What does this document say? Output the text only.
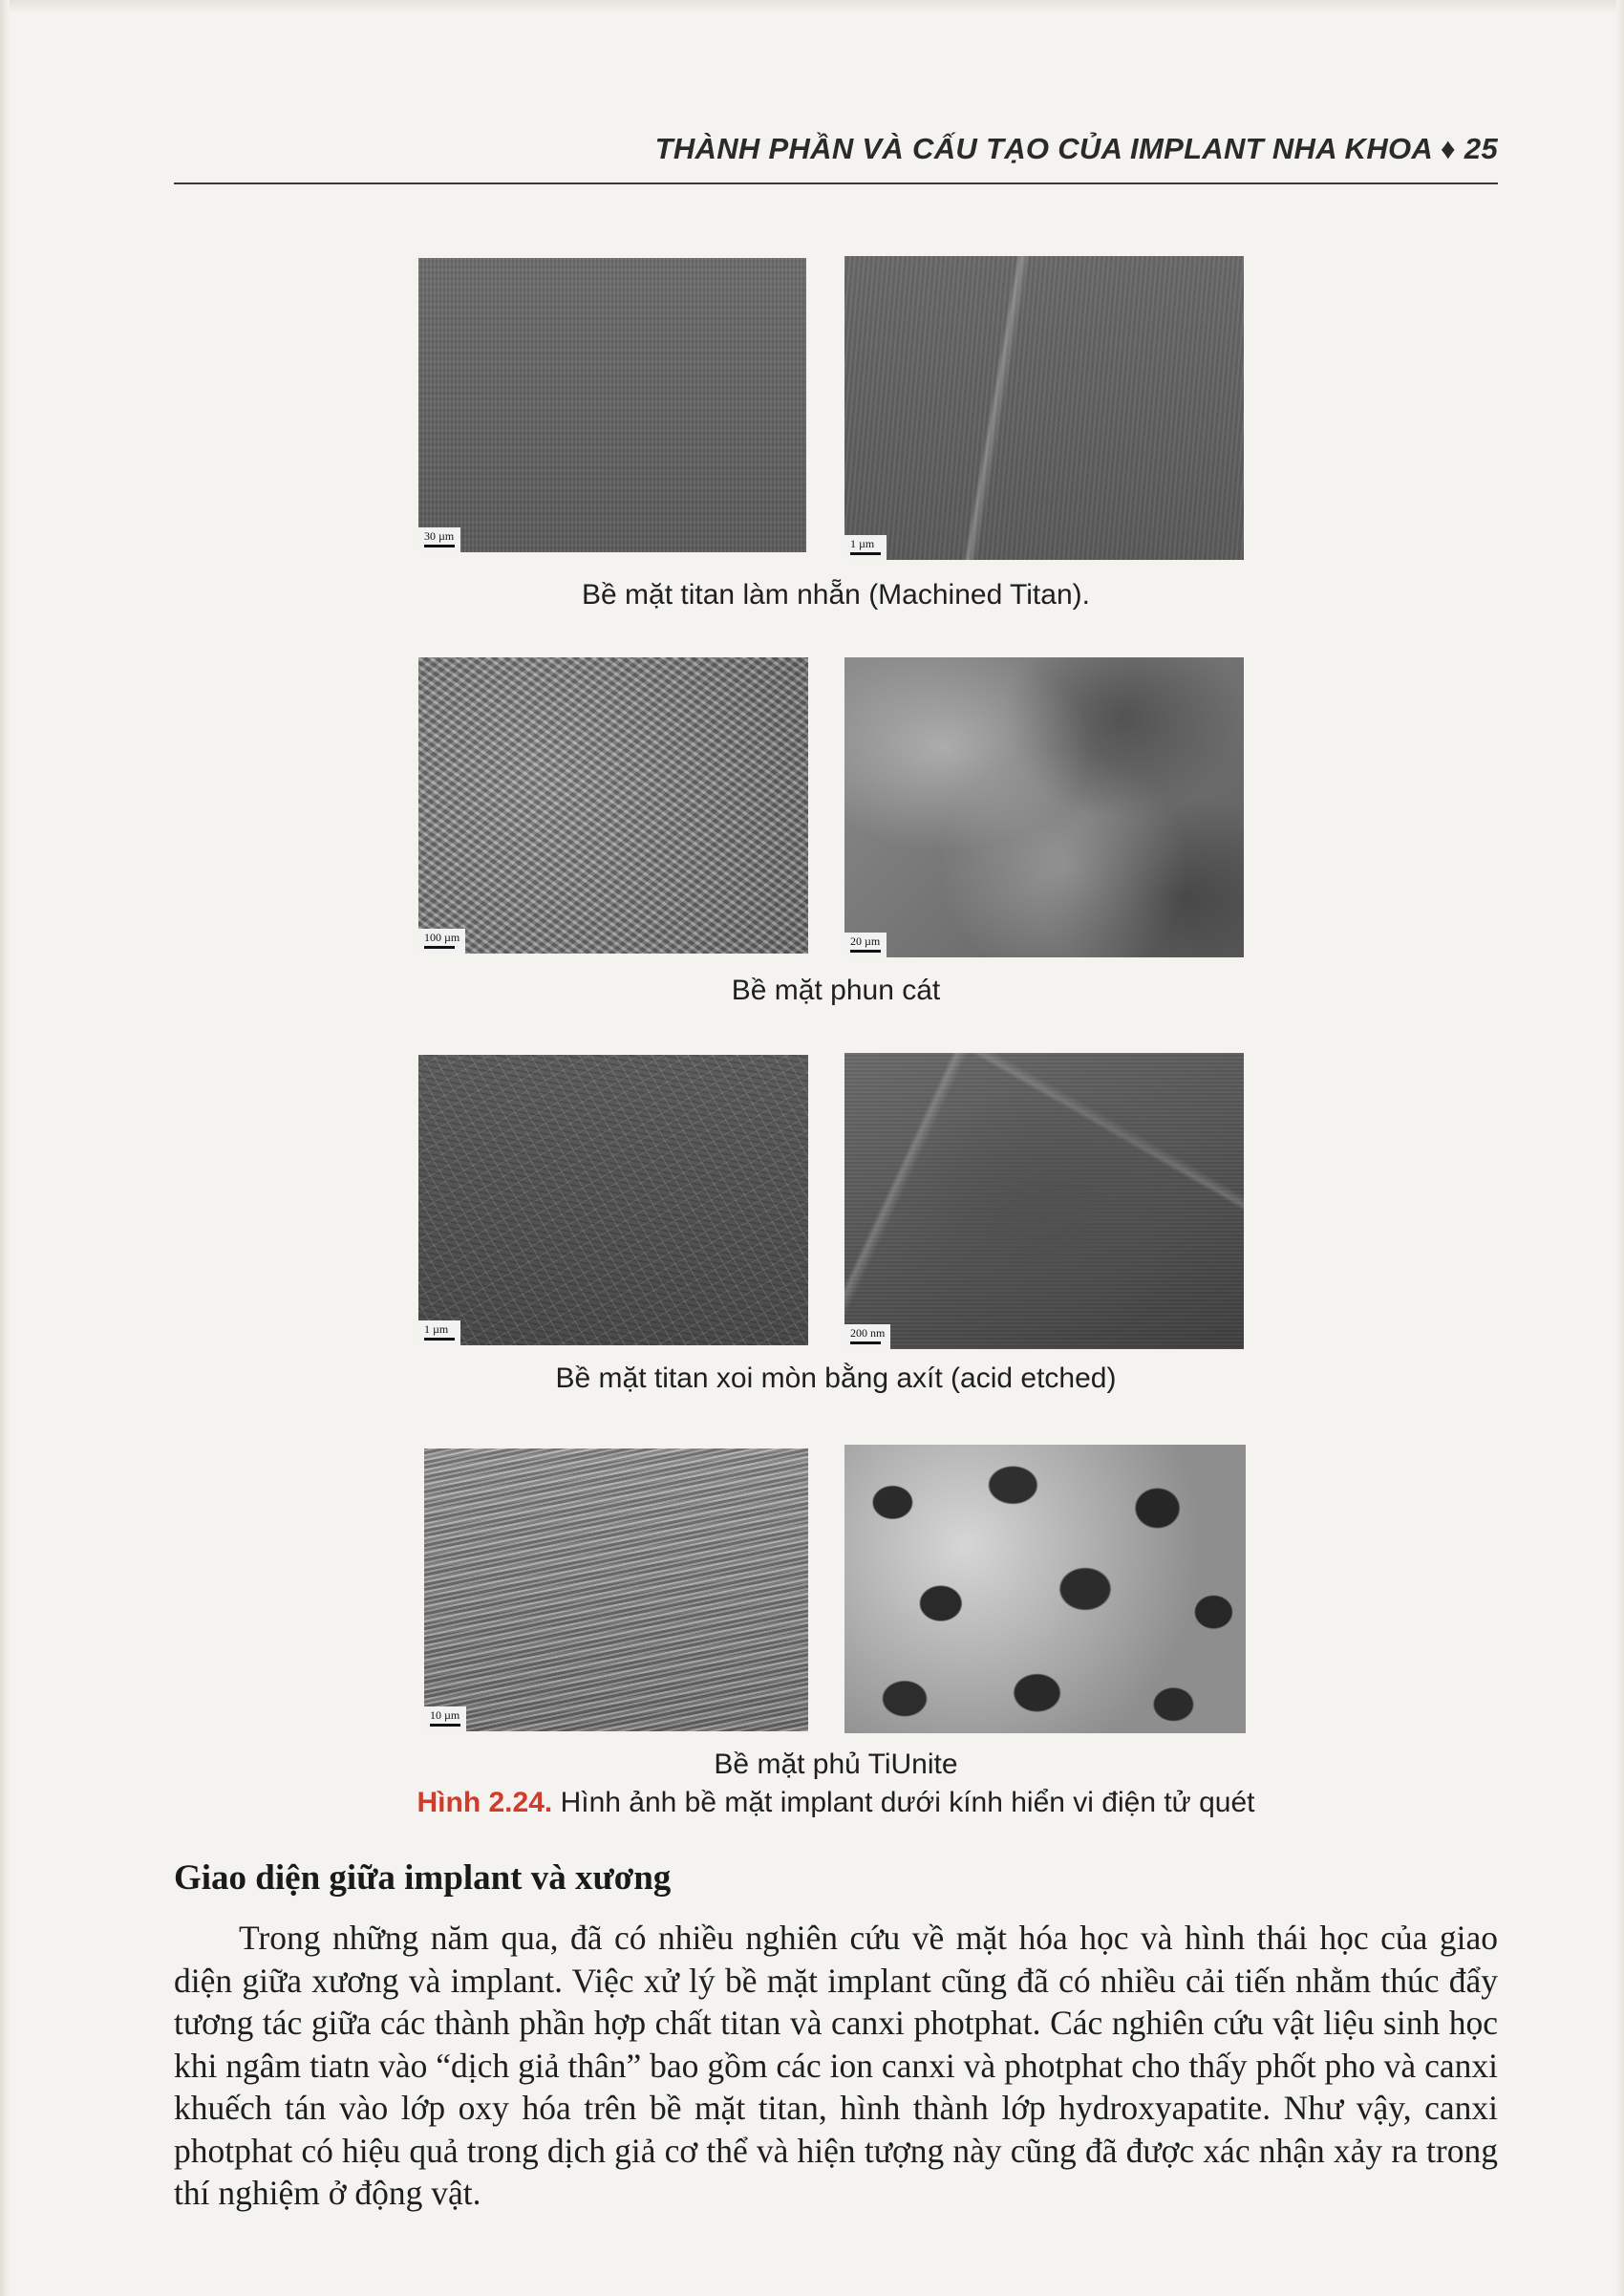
THÀNH PHẦN VÀ CẤU TẠO CỦA IMPLANT NHA KHOA ♦ 25
30 µm
1 µm
Bề mặt titan làm nhẵn (Machined Titan).
100 µm	20 µm
Bề mặt phun cát
1 µm	200 nm
Bề mặt titan xoi mòn bằng axít (acid etched)
10 µm
Bề mặt phủ TiUnite
Hình 2.24. Hình ảnh bề mặt implant dưới kính hiển vi điện tử quét
Giao diện giữa implant và xương

Trong những năm qua, đã có nhiều nghiên cứu về mặt hóa học và hình thái học của giao diện giữa xương và implant. Việc xử lý bề mặt implant cũng đã có nhiều cải tiến nhằm thúc đẩy tương tác giữa các thành phần hợp chất titan và canxi photphat. Các nghiên cứu vật liệu sinh học khi ngâm tiatn vào “dịch giả thân” bao gồm các ion canxi và photphat cho thấy phốt pho và canxi khuếch tán vào lớp oxy hóa trên bề mặt titan, hình thành lớp hydroxyapatite. Như vậy, canxi photphat có hiệu quả trong dịch giả cơ thể và hiện tượng này cũng đã được xác nhận xảy ra trong thí nghiệm ở động vật.
